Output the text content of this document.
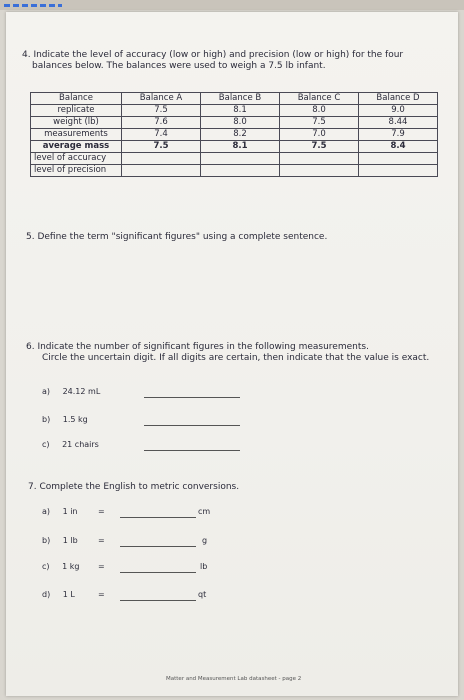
4. Indicate the level of accuracy (low or high) and precision (low or high) for the four
balances below. The balances were used to weigh a 7.5 lb infant.
Balance	Balance A	Balance B	Balance C	Balance D
replicate	7.5	8.1	8.0	9.0
weight (lb)	7.6	8.0	7.5	8.44
measurements	7.4	8.2	7.0	7.9
average mass	7.5	8.1	7.5	8.4
level of accuracy				
level of precision				
5. Define the term "significant figures" using a complete sentence.
6. Indicate the number of significant figures in the following measurements.
Circle the uncertain digit. If all digits are certain, then indicate that the value is exact.
a) 24.12 mL
b) 1.5 kg
c) 21 chairs
7. Complete the English to metric conversions.
a) 1 in	=	cm
b) 1 lb	=	g
c) 1 kg =	lb
d) 1 L	=	qt
Matter and Measurement Lab datasheet - page 2
